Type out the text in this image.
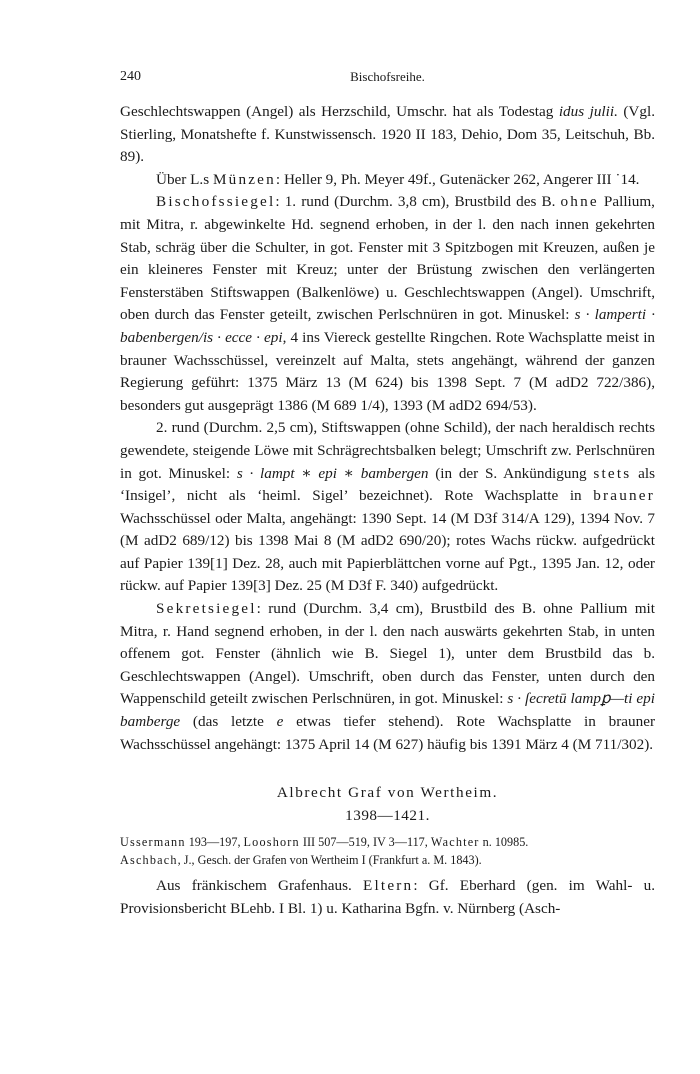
240	Bischofsreihe.

Geschlechtswappen (Angel) als Herzschild, Umschr. hat als Todestag idus julii. (Vgl. Stierling, Monatshefte f. Kunstwissensch. 1920 II 183, Dehio, Dom 35, Leitschuh, Bb. 89).

Über L.s Münzen: Heller 9, Ph. Meyer 49f., Gutenäcker 262, Angerer III ˙14.

Bischofssiegel: 1. rund (Durchm. 3,8 cm), Brustbild des B. ohne Pallium, mit Mitra, r. abgewinkelte Hd. segnend erhoben, in der l. den nach innen gekehrten Stab, schräg über die Schulter, in got. Fenster mit 3 Spitzbogen mit Kreuzen, außen je ein kleineres Fenster mit Kreuz; unter der Brüstung zwischen den verlängerten Fensterstäben Stiftswappen (Balkenlöwe) u. Geschlechtswappen (Angel). Umschrift, oben durch das Fenster geteilt, zwischen Perlschnüren in got. Minuskel: s · lamperti · babenbergen/is · ecce · epi, 4 ins Viereck gestellte Ringchen. Rote Wachsplatte meist in brauner Wachsschüssel, vereinzelt auf Malta, stets angehängt, während der ganzen Regierung geführt: 1375 März 13 (M 624) bis 1398 Sept. 7 (M adD2 722/386), besonders gut ausgeprägt 1386 (M 689 1/4), 1393 (M adD2 694/53).

2. rund (Durchm. 2,5 cm), Stiftswappen (ohne Schild), der nach heraldisch rechts gewendete, steigende Löwe mit Schrägrechtsbalken belegt; Umschrift zw. Perlschnüren in got. Minuskel: s · lampt ∗ epi ∗ bambergen (in der S. Ankündigung stets als ‘Insigel’, nicht als ‘heiml. Sigel’ bezeichnet). Rote Wachsplatte in brauner Wachsschüssel oder Malta, angehängt: 1390 Sept. 14 (M D3f 314/A 129), 1394 Nov. 7 (M adD2 689/12) bis 1398 Mai 8 (M adD2 690/20); rotes Wachs rückw. aufgedrückt auf Papier 139[1] Dez. 28, auch mit Papierblättchen vorne auf Pgt., 1395 Jan. 12, oder rückw. auf Papier 139[3] Dez. 25 (M D3f F. 340) aufgedrückt.

Sekretsiegel: rund (Durchm. 3,4 cm), Brustbild des B. ohne Pallium mit Mitra, r. Hand segnend erhoben, in der l. den nach auswärts gekehrten Stab, in unten offenem got. Fenster (ähnlich wie B. Siegel 1), unter dem Brustbild das b. Geschlechtswappen (Angel). Umschrift, oben durch das Fenster, unten durch den Wappenschild geteilt zwischen Perlschnüren, in got. Minuskel: s · ſecretū lampꝑ—ti epi bamberge (das letzte e etwas tiefer stehend). Rote Wachsplatte in brauner Wachsschüssel angehängt: 1375 April 14 (M 627) häufig bis 1391 März 4 (M 711/302).

Albrecht Graf von Wertheim.
1398—1421.
Ussermann 193—197, Looshorn III 507—519, IV 3—117, Wachter n. 10985.
Aschbach, J., Gesch. der Grafen von Wertheim I (Frankfurt a. M. 1843).

Aus fränkischem Grafenhaus. Eltern: Gf. Eberhard (gen. im Wahl- u. Provisionsbericht BLehb. I Bl. 1) u. Katharina Bgfn. v. Nürnberg (Asch-
